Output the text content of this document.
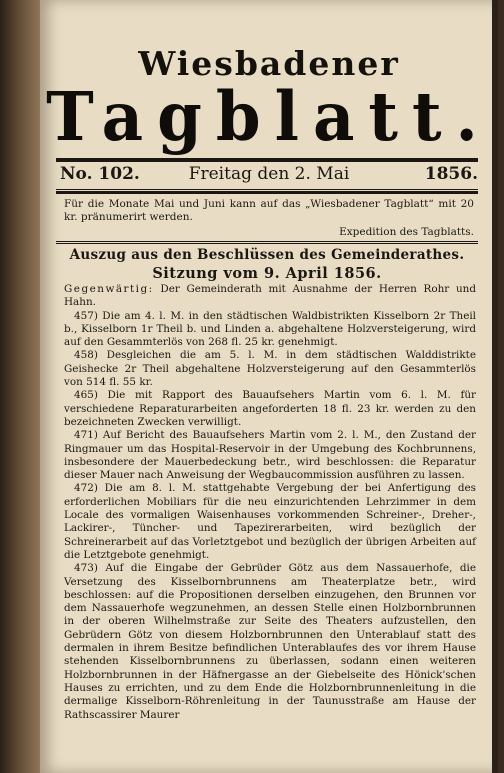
Wiesbadener
Tagblatt.
No. 102.	Freitag den 2. Mai	1856.
Für die Monate Mai und Juni kann auf das „Wiesbadener Tagblatt“ mit 20 kr. pränumerirt werden.
Expedition des Tagblatts.
Auszug aus den Beschlüssen des Gemeinderathes.
Sitzung vom 9. April 1856.

Gegenwärtig: Der Gemeinderath mit Ausnahme der Herren Rohr und Hahn.

457) Die am 4. l. M. in den städtischen Waldbistrikten Kisselborn 2r Theil b., Kisselborn 1r Theil b. und Linden a. abgehaltene Holzversteigerung, wird auf den Gesammterlös von 268 fl. 25 kr. genehmigt.

458) Desgleichen die am 5. l. M. in dem städtischen Walddistrikte Geishecke 2r Theil abgehaltene Holzversteigerung auf den Gesammterlös von 514 fl. 55 kr.

465) Die mit Rapport des Bauaufsehers Martin vom 6. l. M. für verschiedene Reparaturarbeiten angeforderten 18 fl. 23 kr. werden zu den bezeichneten Zwecken verwilligt.

471) Auf Bericht des Bauaufsehers Martin vom 2. l. M., den Zustand der Ringmauer um das Hospital-Reservoir in der Umgebung des Kochbrunnens, insbesondere der Mauerbedeckung betr., wird beschlossen: die Reparatur dieser Mauer nach Anweisung der Wegbaucommission ausführen zu lassen.

472) Die am 8. l. M. stattgehabte Vergebung der bei Anfertigung des erforderlichen Mobiliars für die neu einzurichtenden Lehrzimmer in dem Locale des vormaligen Waisenhauses vorkommenden Schreiner-, Dreher-, Lackirer-, Tüncher- und Tapezirerarbeiten, wird bezüglich der Schreinerarbeit auf das Vorletztgebot und bezüglich der übrigen Arbeiten auf die Letztgebote genehmigt.

473) Auf die Eingabe der Gebrüder Götz aus dem Nassauerhofe, die Versetzung des Kisselbornbrunnens am Theaterplatze betr., wird beschlossen: auf die Propositionen derselben einzugehen, den Brunnen vor dem Nassauerhofe wegzunehmen, an dessen Stelle einen Holzbornbrunnen in der oberen Wilhelmstraße zur Seite des Theaters aufzustellen, den Gebrüdern Götz von diesem Holzbornbrunnen den Unterablauf statt des dermalen in ihrem Besitze befindlichen Unterablaufes des vor ihrem Hause stehenden Kisselbornbrunnens zu überlassen, sodann einen weiteren Holzbornbrunnen in der Häfnergasse an der Giebelseite des Hönick'schen Hauses zu errichten, und zu dem Ende die Holzbornbrunnenleitung in die dermalige Kisselborn-Röhrenleitung in der Taunusstraße am Hause der Rathscassirer Maurer
